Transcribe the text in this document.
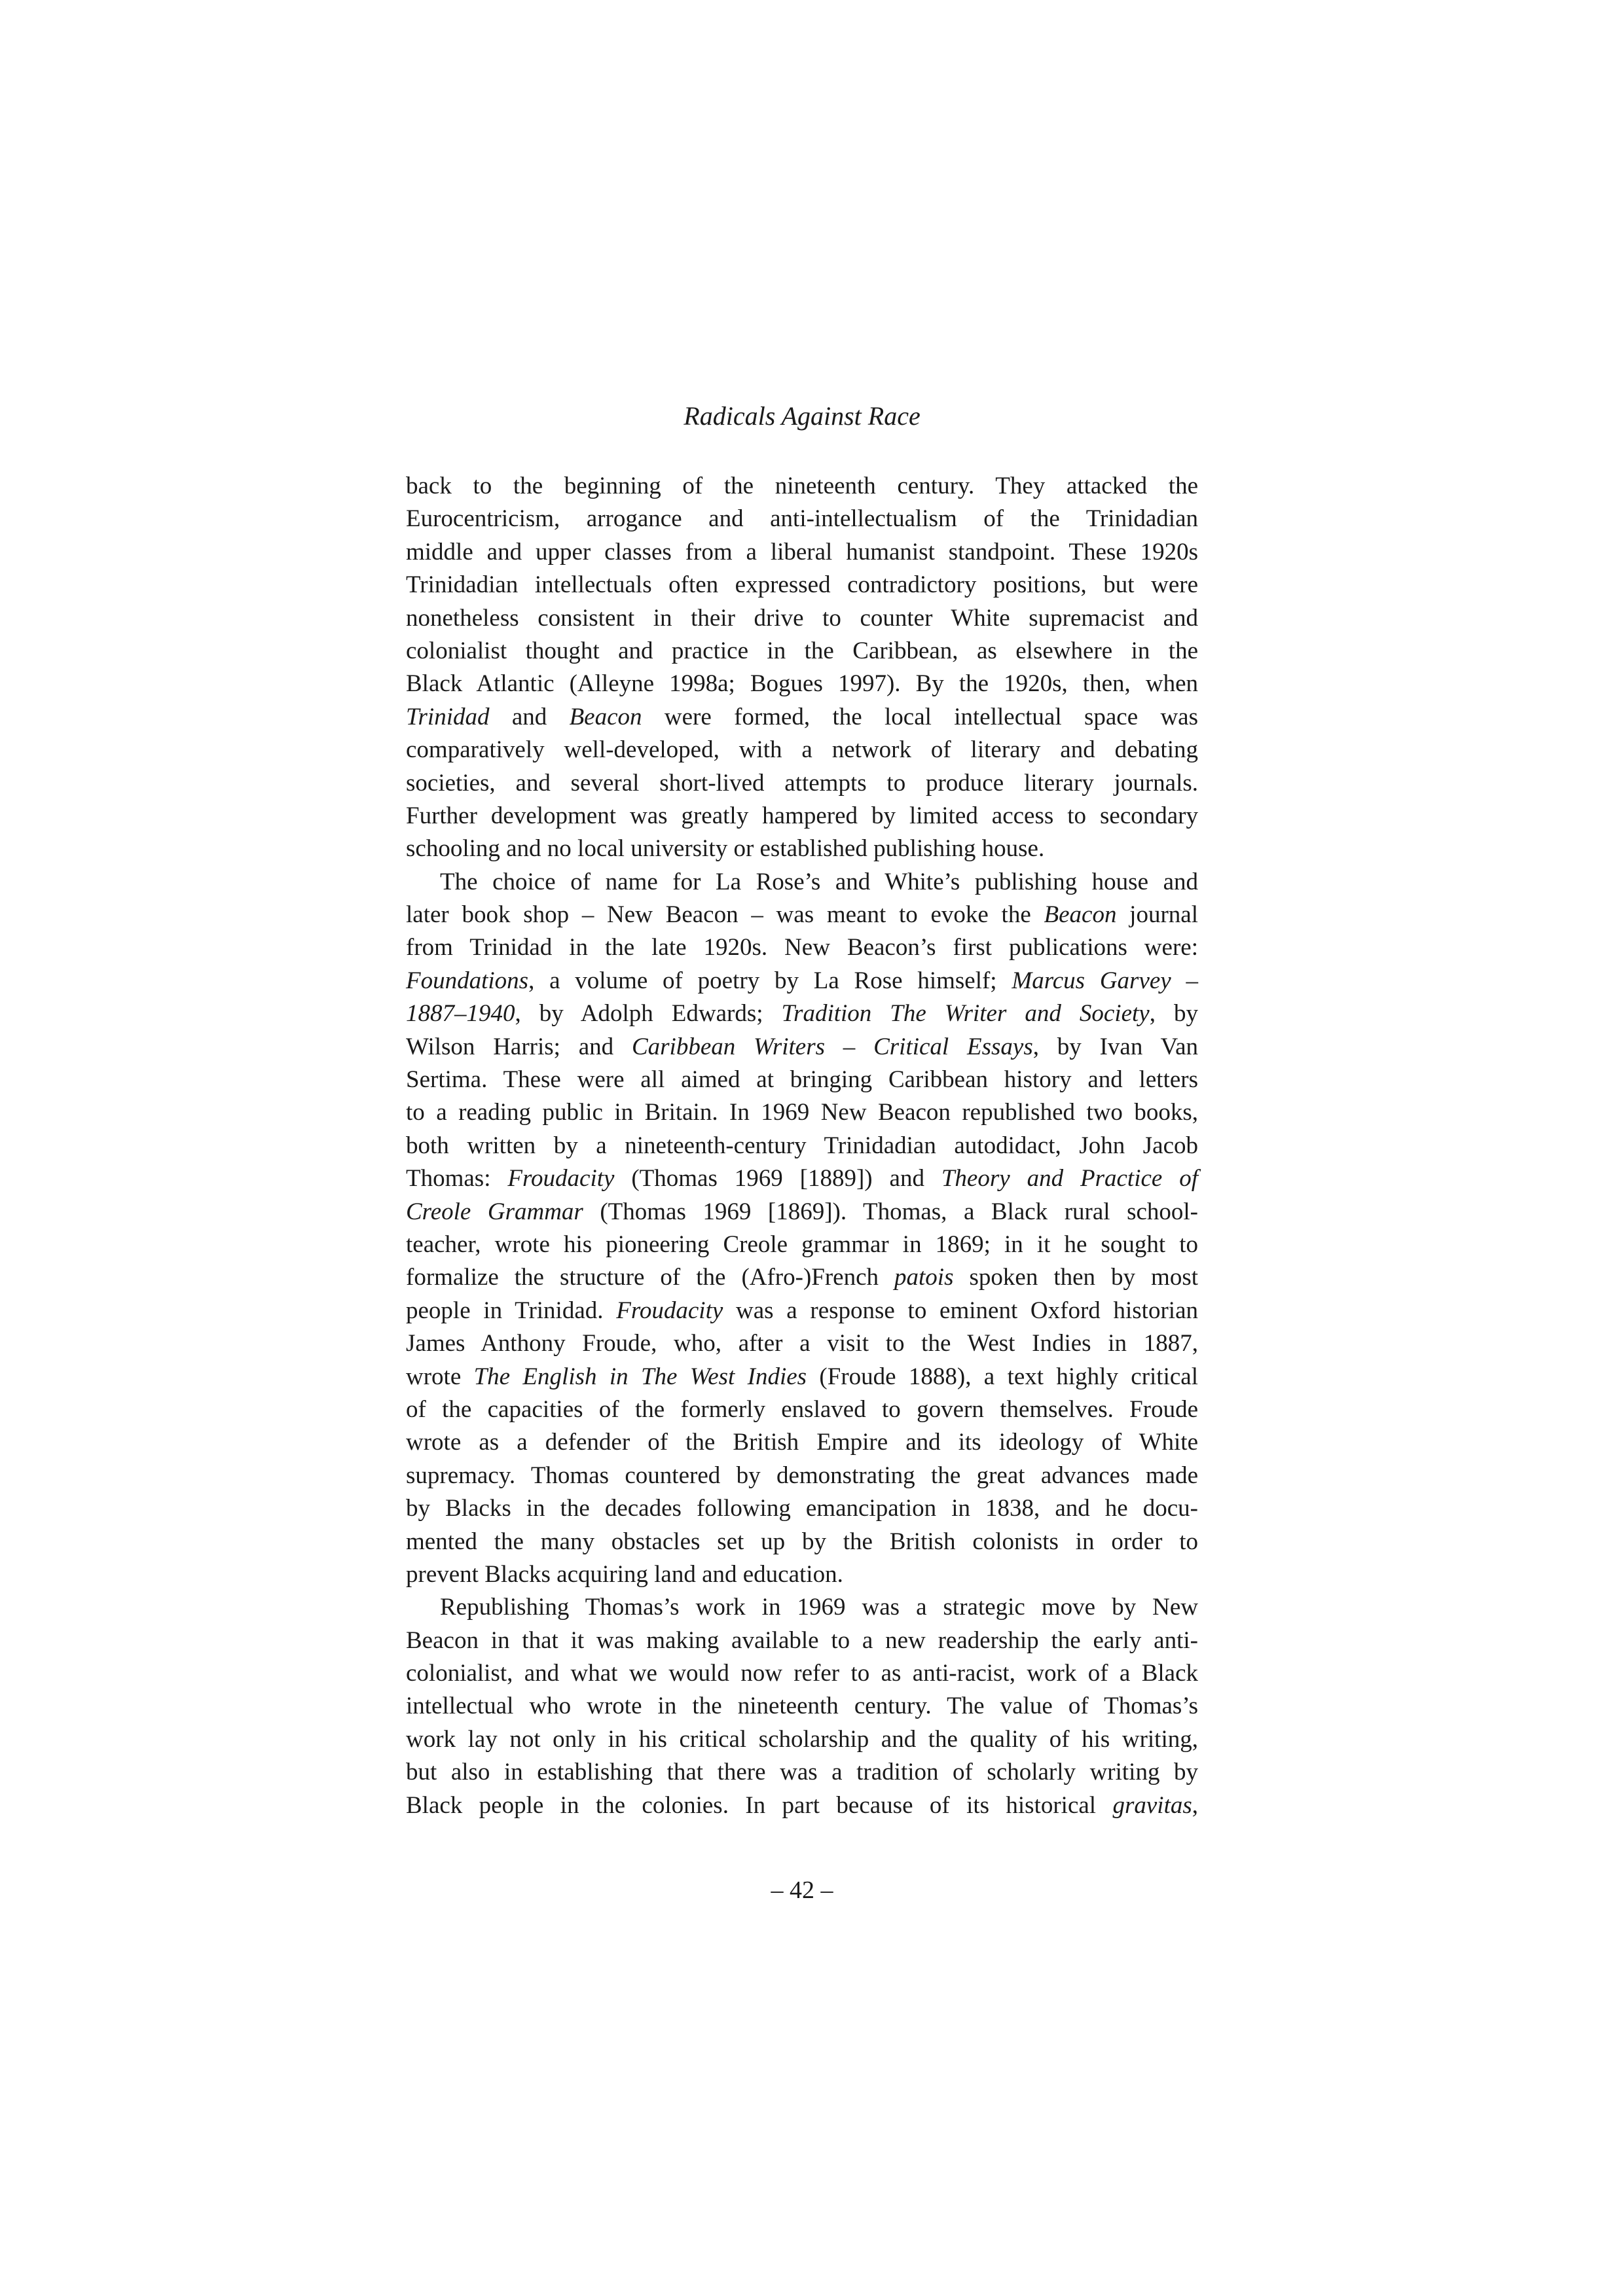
Radicals Against Race
back to the beginning of the nineteenth century. They attacked the
Eurocentricism, arrogance and anti-intellectualism of the Trinidadian
middle and upper classes from a liberal humanist standpoint. These 1920s
Trinidadian intellectuals often expressed contradictory positions, but were
nonetheless consistent in their drive to counter White supremacist and
colonialist thought and practice in the Caribbean, as elsewhere in the
Black Atlantic (Alleyne 1998a; Bogues 1997). By the 1920s, then, when
Trinidad and Beacon were formed, the local intellectual space was
comparatively well-developed, with a network of literary and debating
societies, and several short-lived attempts to produce literary journals.
Further development was greatly hampered by limited access to secondary
schooling and no local university or established publishing house.
The choice of name for La Rose’s and White’s publishing house and
later book shop – New Beacon – was meant to evoke the Beacon journal
from Trinidad in the late 1920s. New Beacon’s first publications were:
Foundations, a volume of poetry by La Rose himself; Marcus Garvey –
1887–1940, by Adolph Edwards; Tradition The Writer and Society, by
Wilson Harris; and Caribbean Writers – Critical Essays, by Ivan Van
Sertima. These were all aimed at bringing Caribbean history and letters
to a reading public in Britain. In 1969 New Beacon republished two books,
both written by a nineteenth-century Trinidadian autodidact, John Jacob
Thomas: Froudacity (Thomas 1969 [1889]) and Theory and Practice of
Creole Grammar (Thomas 1969 [1869]). Thomas, a Black rural school-
teacher, wrote his pioneering Creole grammar in 1869; in it he sought to
formalize the structure of the (Afro-)French patois spoken then by most
people in Trinidad. Froudacity was a response to eminent Oxford historian
James Anthony Froude, who, after a visit to the West Indies in 1887,
wrote The English in The West Indies (Froude 1888), a text highly critical
of the capacities of the formerly enslaved to govern themselves. Froude
wrote as a defender of the British Empire and its ideology of White
supremacy. Thomas countered by demonstrating the great advances made
by Blacks in the decades following emancipation in 1838, and he docu-
mented the many obstacles set up by the British colonists in order to
prevent Blacks acquiring land and education.
Republishing Thomas’s work in 1969 was a strategic move by New
Beacon in that it was making available to a new readership the early anti-
colonialist, and what we would now refer to as anti-racist, work of a Black
intellectual who wrote in the nineteenth century. The value of Thomas’s
work lay not only in his critical scholarship and the quality of his writing,
but also in establishing that there was a tradition of scholarly writing by
Black people in the colonies. In part because of its historical gravitas,
– 42 –
